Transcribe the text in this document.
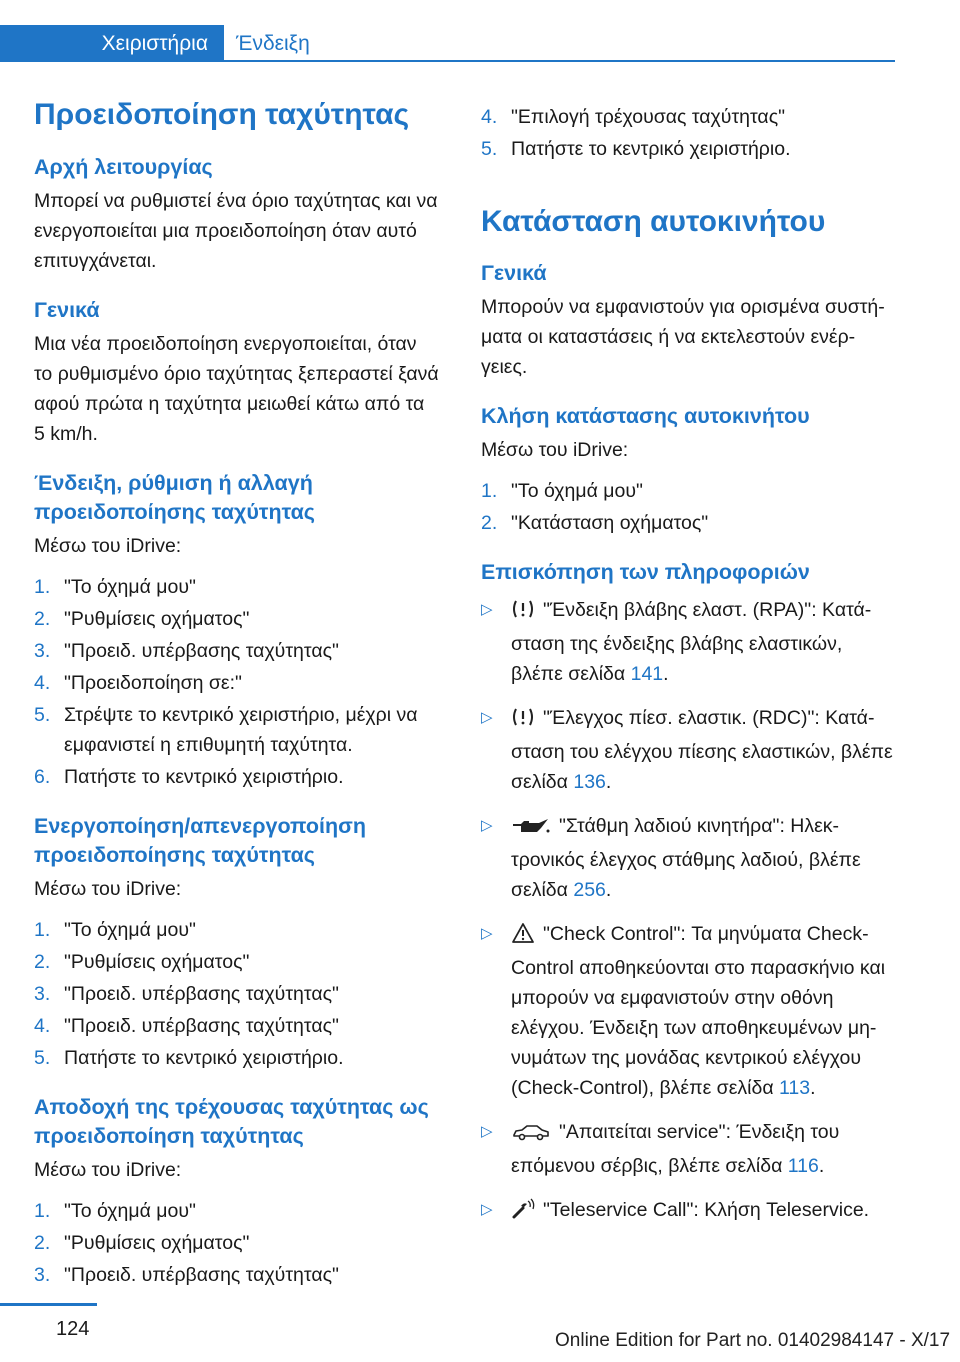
Χειριστήρια	Ένδειξη
Προειδοποίηση ταχύτητας
Αρχή λειτουργίας

Μπορεί να ρυθμιστεί ένα όριο ταχύτητας και να ενεργοποιείται μια προειδοποίηση όταν αυτό επιτυγχάνεται.

Γενικά

Μια νέα προειδοποίηση ενεργοποιείται, όταν το ρυθμισμένο όριο ταχύτητας ξεπεραστεί ξανά αφού πρώτα η ταχύτητα μειωθεί κάτω από τα 5 km/h.

Ένδειξη, ρύθμιση ή αλλαγή προειδοποίησης ταχύτητας

Μέσω του iDrive:

1. "Το όχημά μου"
2. "Ρυθμίσεις οχήματος"
3. "Προειδ. υπέρβασης ταχύτητας"
4. "Προειδοποίηση σε:"
5. Στρέψτε το κεντρικό χειριστήριο, μέχρι να εμφανιστεί η επιθυμητή ταχύτητα.
6. Πατήστε το κεντρικό χειριστήριο.
Ενεργοποίηση/απενεργοποίηση προειδοποίησης ταχύτητας

Μέσω του iDrive:

1. "Το όχημά μου"
2. "Ρυθμίσεις οχήματος"
3. "Προειδ. υπέρβασης ταχύτητας"
4. "Προειδ. υπέρβασης ταχύτητας"
5. Πατήστε το κεντρικό χειριστήριο.
Αποδοχή της τρέχουσας ταχύτητας ως προειδοποίηση ταχύτητας

Μέσω του iDrive:

1. "Το όχημά μου"
2. "Ρυθμίσεις οχήματος"
3. "Προειδ. υπέρβασης ταχύτητας"
4. "Επιλογή τρέχουσας ταχύτητας"
5. Πατήστε το κεντρικό χειριστήριο.
Κατάσταση αυτοκινήτου
Γενικά

Μπορούν να εμφανιστούν για ορισμένα συστή‐ματα οι καταστάσεις ή να εκτελεστούν ενέρ‐γειες.

Κλήση κατάστασης αυτοκινήτου

Μέσω του iDrive:

1. "Το όχημά μου"
2. "Κατάσταση οχήματος"
Επισκόπηση των πληροφοριών
▷	"Ένδειξη βλάβης ελαστ. (RPA)": Κατά‐σταση της ένδειξης βλάβης ελαστικών, βλέπε σελίδα 141.
▷	"Έλεγχος πίεσ. ελαστικ. (RDC)": Κατά‐σταση του ελέγχου πίεσης ελαστικών, βλέπε σελίδα 136.
▷	"Στάθμη λαδιού κινητήρα": Ηλεκ‐τρονικός έλεγχος στάθμης λαδιού, βλέπε σελίδα 256.
▷	"Check Control": Τα μηνύματα Check-Control αποθηκεύονται στο παρασκήνιο και μπορούν να εμφανιστούν στην οθόνη ελέγχου. Ένδειξη των αποθηκευμένων μη‐νυμάτων της μονάδας κεντρικού ελέγχου (Check-Control), βλέπε σελίδα 113.
▷	"Απαιτείται service": Ένδειξη του επόμενου σέρβις, βλέπε σελίδα 116.
▷	"Teleservice Call": Κλήση Teleservice.
124
Online Edition for Part no. 01402984147 - X/17
